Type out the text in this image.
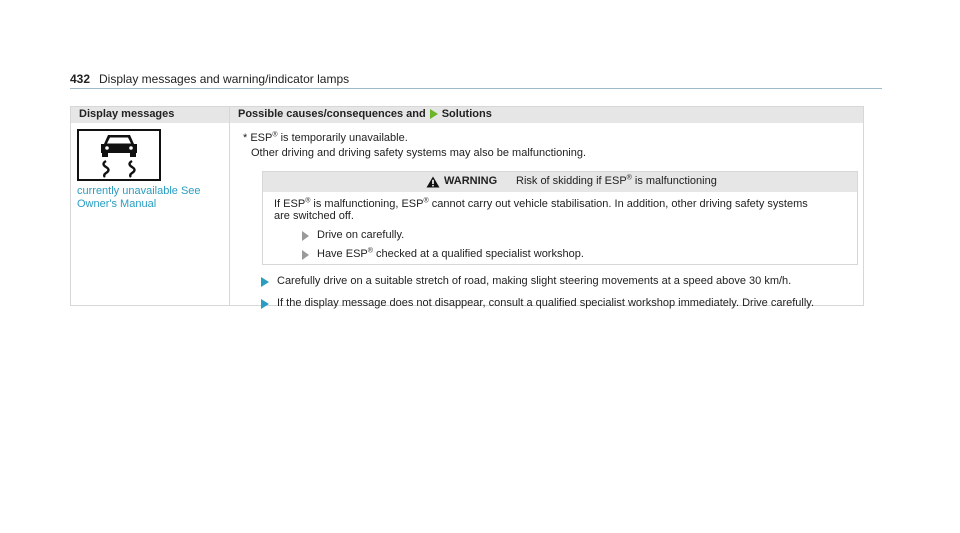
432 Display messages and warning/indicator lamps
Display messages	Possible causes/consequences and Solutions
currently unavailable See Owner's Manual
* ESP® is temporarily unavailable.
Other driving and driving safety systems may also be malfunctioning.
WARNING Risk of skidding if ESP® is malfunctioning
If ESP® is malfunctioning, ESP® cannot carry out vehicle stabilisation. In addition, other driving safety systems
are switched off.
Drive on carefully.
Have ESP® checked at a qualified specialist workshop.
Carefully drive on a suitable stretch of road, making slight steering movements at a speed above 30 km/h.
If the display message does not disappear, consult a qualified specialist workshop immediately. Drive carefully.
